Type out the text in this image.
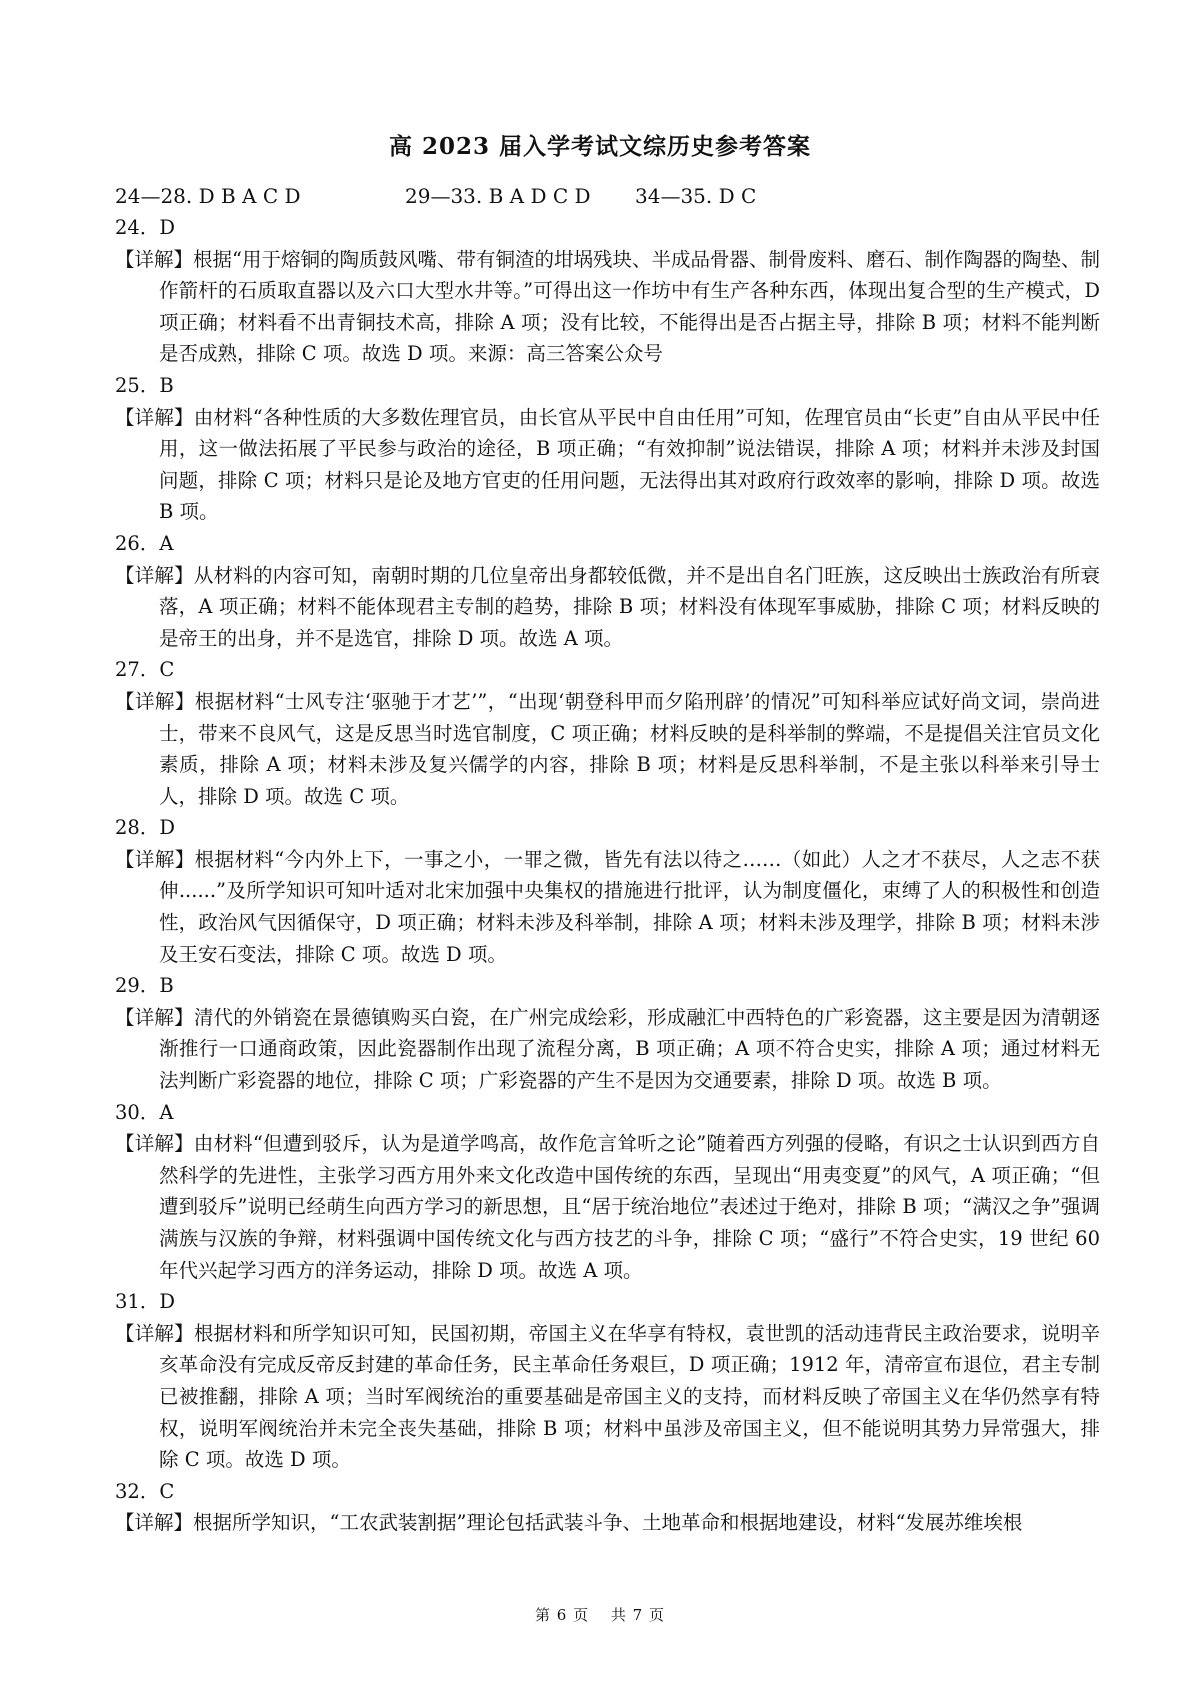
高 2023 届入学考试文综历史参考答案
24—28. D B A C D	29—33. B A D C D 34—35. D C
24．D
【详解】根据“用于熔铜的陶质鼓风嘴、带有铜渣的坩埚残块、半成品骨器、制骨废料、磨石、制作陶器的陶垫、制作箭杆的石质取直器以及六口大型水井等。”可得出这一作坊中有生产各种东西，体现出复合型的生产模式，D 项正确；材料看不出青铜技术高，排除 A 项；没有比较，不能得出是否占据主导，排除 B 项；材料不能判断是否成熟，排除 C 项。故选 D 项。来源：高三答案公众号
25．B
【详解】由材料“各种性质的大多数佐理官员，由长官从平民中自由任用”可知，佐理官员由“长吏”自由从平民中任用，这一做法拓展了平民参与政治的途径，B 项正确；“有效抑制”说法错误，排除 A 项；材料并未涉及封国问题，排除 C 项；材料只是论及地方官吏的任用问题，无法得出其对政府行政效率的影响，排除 D 项。故选 B 项。
26．A
【详解】从材料的内容可知，南朝时期的几位皇帝出身都较低微，并不是出自名门旺族，这反映出士族政治有所衰落，A 项正确；材料不能体现君主专制的趋势，排除 B 项；材料没有体现军事威胁，排除 C 项；材料反映的是帝王的出身，并不是选官，排除 D 项。故选 A 项。
27．C
【详解】根据材料“士风专注‘驱驰于才艺’”，“出现‘朝登科甲而夕陷刑辟’的情况”可知科举应试好尚文词，崇尚进士，带来不良风气，这是反思当时选官制度，C 项正确；材料反映的是科举制的弊端，不是提倡关注官员文化素质，排除 A 项；材料未涉及复兴儒学的内容，排除 B 项；材料是反思科举制，不是主张以科举来引导士人，排除 D 项。故选 C 项。
28．D
【详解】根据材料“今内外上下，一事之小，一罪之微，皆先有法以待之……（如此）人之才不获尽，人之志不获伸......”及所学知识可知叶适对北宋加强中央集权的措施进行批评，认为制度僵化，束缚了人的积极性和创造性，政治风气因循保守，D 项正确；材料未涉及科举制，排除 A 项；材料未涉及理学，排除 B 项；材料未涉及王安石变法，排除 C 项。故选 D 项。
29．B
【详解】清代的外销瓷在景德镇购买白瓷，在广州完成绘彩，形成融汇中西特色的广彩瓷器，这主要是因为清朝逐渐推行一口通商政策，因此瓷器制作出现了流程分离，B 项正确；A 项不符合史实，排除 A 项；通过材料无法判断广彩瓷器的地位，排除 C 项；广彩瓷器的产生不是因为交通要素，排除 D 项。故选 B 项。
30．A
【详解】由材料“但遭到驳斥，认为是道学鸣高，故作危言耸听之论”随着西方列强的侵略，有识之士认识到西方自然科学的先进性，主张学习西方用外来文化改造中国传统的东西，呈现出“用夷变夏”的风气，A 项正确；“但遭到驳斥”说明已经萌生向西方学习的新思想，且“居于统治地位”表述过于绝对，排除 B 项；“满汉之争”强调满族与汉族的争辩，材料强调中国传统文化与西方技艺的斗争，排除 C 项；“盛行”不符合史实，19 世纪 60 年代兴起学习西方的洋务运动，排除 D 项。故选 A 项。
31．D
【详解】根据材料和所学知识可知，民国初期，帝国主义在华享有特权，袁世凯的活动违背民主政治要求，说明辛亥革命没有完成反帝反封建的革命任务，民主革命任务艰巨，D 项正确；1912 年，清帝宣布退位，君主专制已被推翻，排除 A 项；当时军阀统治的重要基础是帝国主义的支持，而材料反映了帝国主义在华仍然享有特权，说明军阀统治并未完全丧失基础，排除 B 项；材料中虽涉及帝国主义，但不能说明其势力异常强大，排除 C 项。故选 D 项。
32．C
【详解】根据所学知识，“工农武装割据”理论包括武装斗争、土地革命和根据地建设，材料“发展苏维埃根
第 6 页　 共 7 页
